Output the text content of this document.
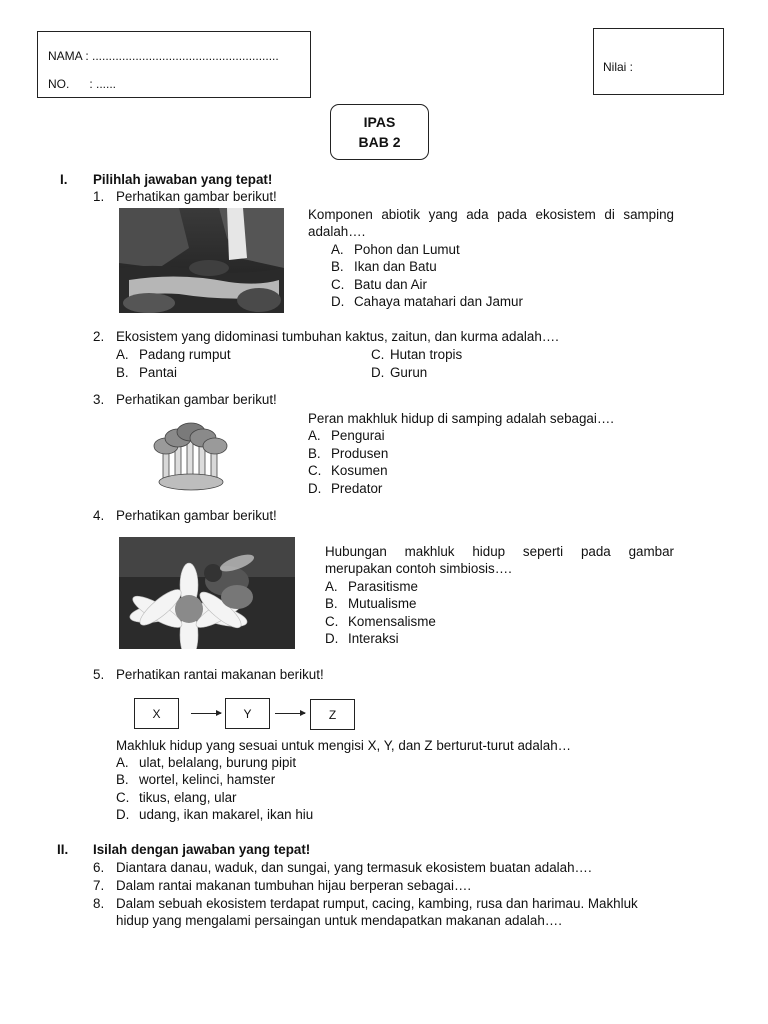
NAMA : ........................................................
NO.      : ......
Nilai :
IPAS
BAB 2
I. Pilihlah jawaban yang tepat!
1. Perhatikan gambar berikut!
Komponen abiotik yang ada pada ekosistem di samping
adalah….
A. Pohon dan Lumut
B. Ikan dan Batu
C. Batu dan Air
D. Cahaya matahari dan Jamur
2. Ekosistem yang didominasi tumbuhan kaktus, zaitun, dan kurma adalah….
A. Padang rumput
B. Pantai
C. Hutan tropis
D. Gurun
3. Perhatikan gambar berikut!
Peran makhluk hidup di samping adalah sebagai….
A. Pengurai
B. Produsen
C. Kosumen
D. Predator
4. Perhatikan gambar berikut!
Hubungan makhluk hidup seperti pada gambar
merupakan contoh simbiosis….
A. Parasitisme
B. Mutualisme
C. Komensalisme
D. Interaksi
5. Perhatikan rantai makanan berikut!
X	Y	Z
Makhluk hidup yang sesuai untuk mengisi X, Y, dan Z berturut-turut adalah…
A. ulat, belalang, burung pipit
B. wortel, kelinci, hamster
C. tikus, elang, ular
D. udang, ikan makarel, ikan hiu
II. Isilah dengan jawaban yang tepat!
6. Diantara danau, waduk, dan sungai, yang termasuk ekosistem buatan adalah….
7. Dalam rantai makanan tumbuhan hijau berperan sebagai….
8. Dalam sebuah ekosistem terdapat rumput, cacing, kambing, rusa dan harimau. Makhluk
hidup yang mengalami persaingan untuk mendapatkan makanan adalah….
